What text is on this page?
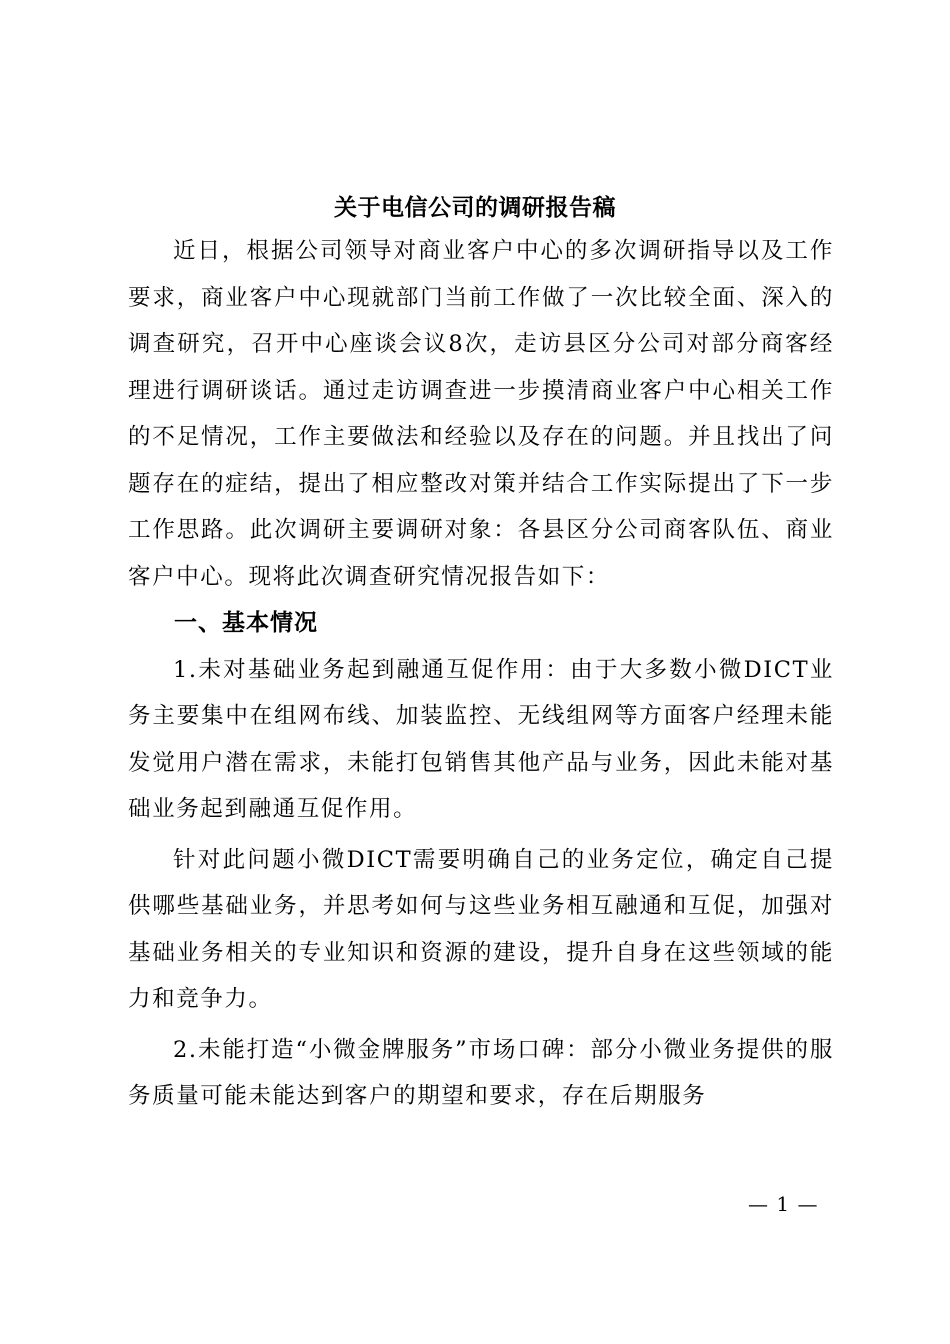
关于电信公司的调研报告稿

近日，根据公司领导对商业客户中心的多次调研指导以及工作要求，商业客户中心现就部门当前工作做了一次比较全面、深入的调查研究，召开中心座谈会议8次，走访县区分公司对部分商客经理进行调研谈话。通过走访调查进一步摸清商业客户中心相关工作的不足情况，工作主要做法和经验以及存在的问题。并且找出了问题存在的症结，提出了相应整改对策并结合工作实际提出了下一步工作思路。此次调研主要调研对象：各县区分公司商客队伍、商业客户中心。现将此次调查研究情况报告如下：

一、基本情况

1.未对基础业务起到融通互促作用：由于大多数小微DICT业务主要集中在组网布线、加装监控、无线组网等方面客户经理未能发觉用户潜在需求，未能打包销售其他产品与业务，因此未能对基础业务起到融通互促作用。

针对此问题小微DICT需要明确自己的业务定位，确定自己提供哪些基础业务，并思考如何与这些业务相互融通和互促，加强对基础业务相关的专业知识和资源的建设，提升自身在这些领域的能力和竞争力。

2.未能打造“小微金牌服务”市场口碑：部分小微业务提供的服务质量可能未能达到客户的期望和要求，存在后期服务

— 1 —
